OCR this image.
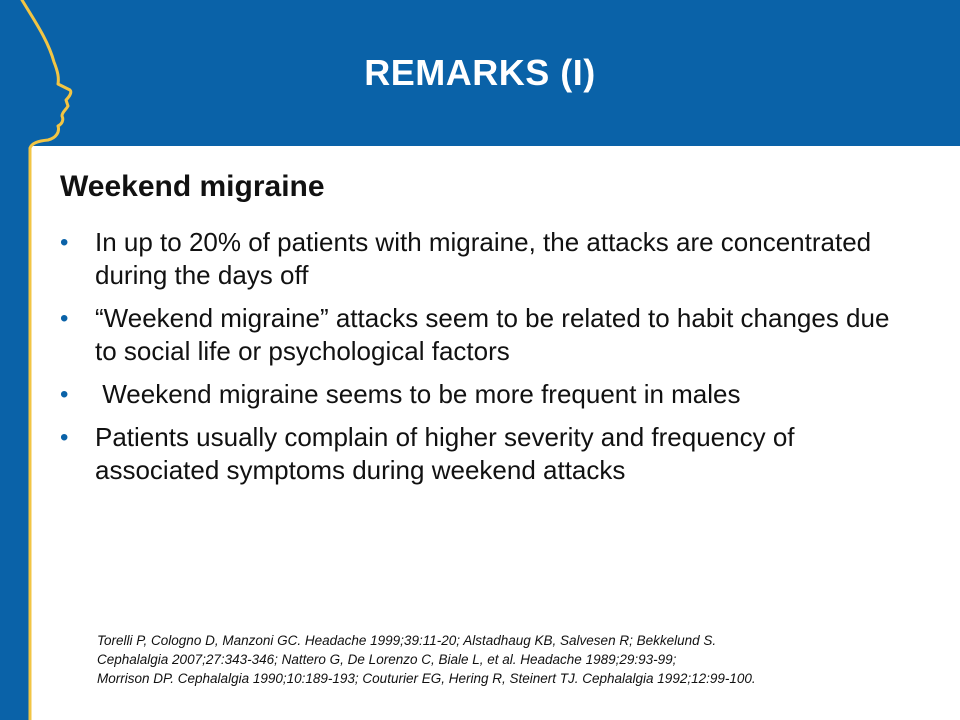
REMARKS (I)
Weekend migraine
• In up to 20% of patients with migraine, the attacks are concentrated during the days off
• “Weekend migraine” attacks seem to be related to habit changes due to social life or psychological factors
• Weekend migraine seems to be more frequent in males
• Patients usually complain of higher severity and frequency of associated symptoms during weekend attacks
Torelli P, Cologno D, Manzoni GC. Headache 1999;39:11-20; Alstadhaug KB, Salvesen R; Bekkelund S.
Cephalalgia 2007;27:343-346; Nattero G, De Lorenzo C, Biale L, et al. Headache 1989;29:93-99;
Morrison DP. Cephalalgia 1990;10:189-193; Couturier EG, Hering R, Steinert TJ. Cephalalgia 1992;12:99-100.
